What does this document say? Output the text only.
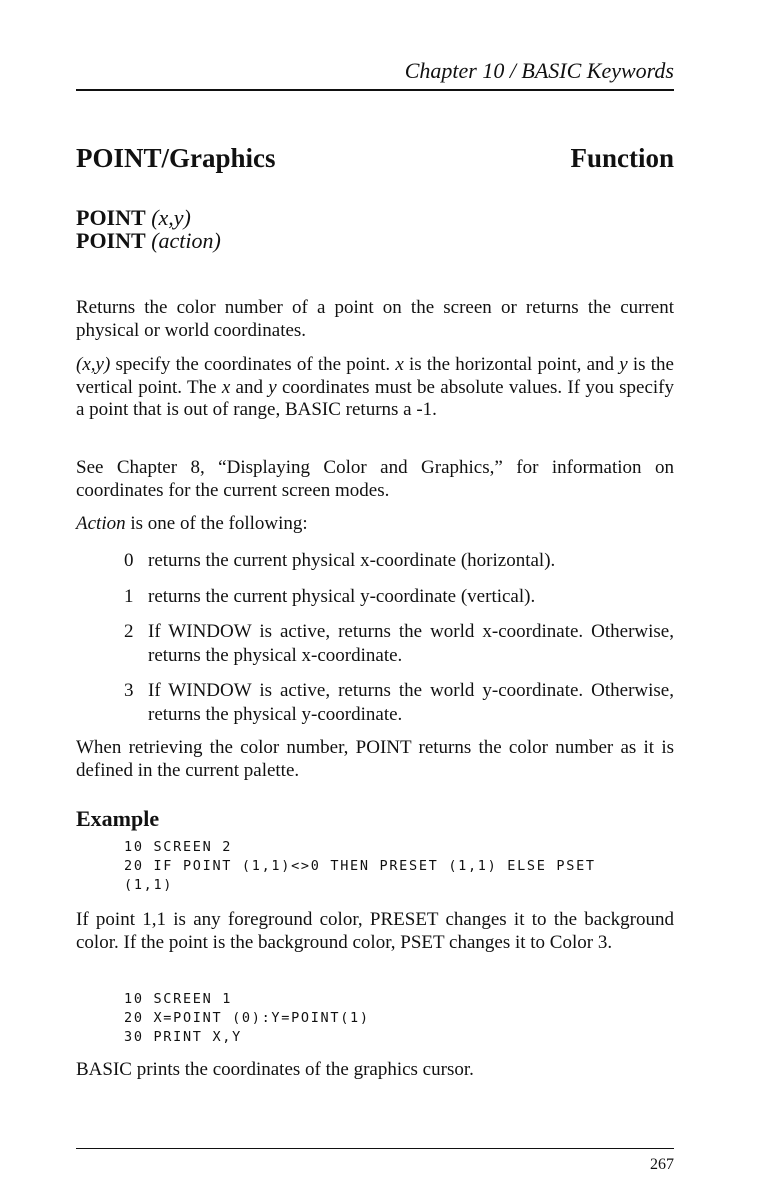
Chapter 10 / BASIC Keywords
POINT/Graphics	Function
POINT (x,y)
POINT (action)
Returns the color number of a point on the screen or returns the current physical or world coordinates.
(x,y) specify the coordinates of the point. x is the horizontal point, and y is the vertical point. The x and y coordinates must be absolute values. If you specify a point that is out of range, BASIC returns a -1.
See Chapter 8, “Displaying Color and Graphics,” for information on coordinates for the current screen modes.
Action is one of the following:
0 returns the current physical x-coordinate (horizontal).
1 returns the current physical y-coordinate (vertical).
2 If WINDOW is active, returns the world x-coordinate. Otherwise, returns the physical x-coordinate.
3 If WINDOW is active, returns the world y-coordinate. Otherwise, returns the physical y-coordinate.
When retrieving the color number, POINT returns the color number as it is defined in the current palette.
Example
10 SCREEN 2
20 IF POINT (1,1)<>0 THEN PRESET (1,1) ELSE PSET
(1,1)
If point 1,1 is any foreground color, PRESET changes it to the background color. If the point is the background color, PSET changes it to Color 3.
10 SCREEN 1
20 X=POINT (0):Y=POINT(1)
30 PRINT X,Y
BASIC prints the coordinates of the graphics cursor.
267
